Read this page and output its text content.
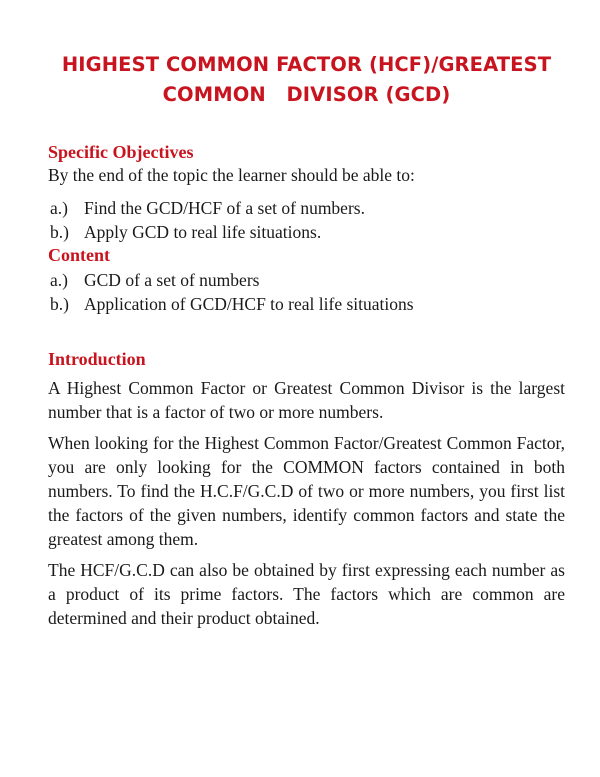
HIGHEST COMMON FACTOR (HCF)/GREATEST
COMMON   DIVISOR (GCD)
Specific Objectives

By the end of the topic the learner should be able to:

a.) Find the GCD/HCF of a set of numbers.
b.) Apply GCD to real life situations.
Content
a.) GCD of a set of numbers
b.) Application of GCD/HCF to real life situations
Introduction

A Highest Common Factor or Greatest Common Divisor is the largest number that is a factor of two or more numbers.

When looking for the Highest Common Factor/Greatest Common Factor, you are only looking for the COMMON factors contained in both numbers. To find the H.C.F/G.C.D of two or more numbers, you first list the factors of the given numbers, identify common factors and state the greatest among them.

The HCF/G.C.D can also be obtained by first expressing each number as a product of its prime factors. The factors which are common are determined and their product obtained.
